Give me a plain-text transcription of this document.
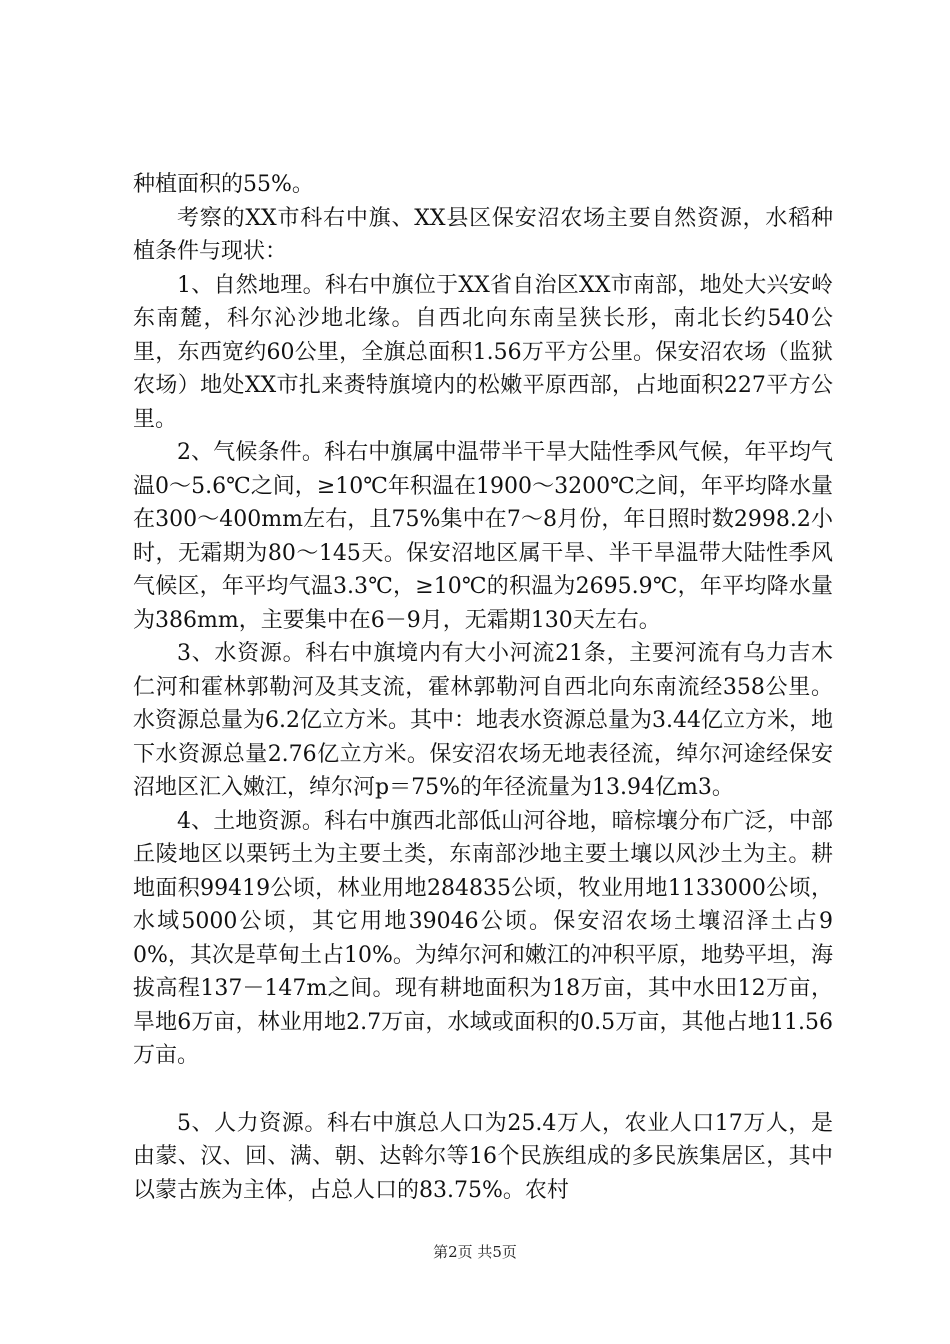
种植面积的55%。

考察的XX市科右中旗、XX县区保安沼农场主要自然资源，水稻种植条件与现状：

1、自然地理。科右中旗位于XX省自治区XX市南部，地处大兴安岭东南麓，科尔沁沙地北缘。自西北向东南呈狭长形，南北长约540公里，东西宽约60公里，全旗总面积1.56万平方公里。保安沼农场（监狱农场）地处XX市扎来赉特旗境内的松嫩平原西部，占地面积227平方公里。

2、气候条件。科右中旗属中温带半干旱大陆性季风气候，年平均气温0～5.6℃之间，≥10℃年积温在1900～3200℃之间，年平均降水量在300～400mm左右，且75%集中在7～8月份，年日照时数2998.2小时，无霜期为80～145天。保安沼地区属干旱、半干旱温带大陆性季风气候区，年平均气温3.3℃，≥10℃的积温为2695.9℃，年平均降水量为386mm，主要集中在6－9月，无霜期130天左右。

3、水资源。科右中旗境内有大小河流21条，主要河流有乌力吉木仁河和霍林郭勒河及其支流，霍林郭勒河自西北向东南流经358公里。水资源总量为6.2亿立方米。其中：地表水资源总量为3.44亿立方米，地下水资源总量2.76亿立方米。保安沼农场无地表径流，绰尔河途经保安沼地区汇入嫩江，绰尔河p＝75%的年径流量为13.94亿m3。

4、土地资源。科右中旗西北部低山河谷地，暗棕壤分布广泛，中部丘陵地区以栗钙土为主要土类，东南部沙地主要土壤以风沙土为主。耕地面积99419公顷，林业用地284835公顷，牧业用地1133000公顷，水域5000公顷，其它用地39046公顷。保安沼农场土壤沼泽土占90%，其次是草甸土占10%。为绰尔河和嫩江的冲积平原，地势平坦，海拔高程137－147m之间。现有耕地面积为18万亩，其中水田12万亩，旱地6万亩，林业用地2.7万亩，水域或面积的0.5万亩，其他占地11.56万亩。

5、人力资源。科右中旗总人口为25.4万人，农业人口17万人，是由蒙、汉、回、满、朝、达斡尔等16个民族组成的多民族集居区，其中以蒙古族为主体，占总人口的83.75%。农村

第2页 共5页
